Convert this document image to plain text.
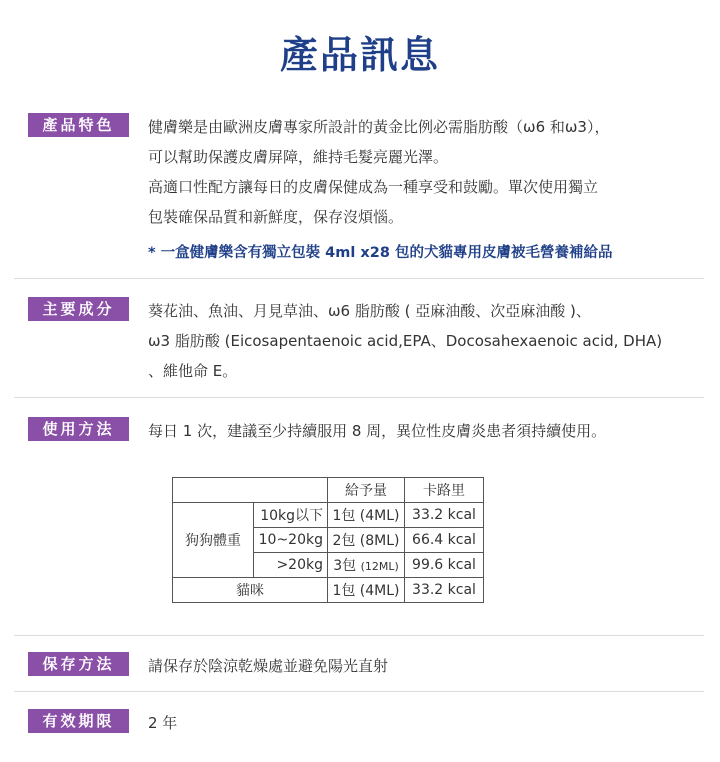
產品訊息
產品特色	健膚樂是由歐洲皮膚專家所設計的黃金比例必需脂肪酸（ω6 和ω3），

可以幫助保護皮膚屏障，維持毛髮亮麗光澤。

高適口性配方讓每日的皮膚保健成為一種享受和鼓勵。單次使用獨立

包裝確保品質和新鮮度，保存沒煩惱。

* 一盒健膚樂含有獨立包裝 4ml x28 包的犬貓專用皮膚被毛營養補給品

主要成分	葵花油、魚油、月見草油、ω6 脂肪酸 ( 亞麻油酸、次亞麻油酸 )、

ω3 脂肪酸 (Eicosapentaenoic acid,EPA、Docosahexaenoic acid, DHA)

、維他命 E。

使用方法	每日 1 次，建議至少持續服用 8 周，異位性皮膚炎患者須持續使用。

		給予量	卡路里
狗狗體重	10kg以下	1包 (4ML)	33.2 kcal
	10~20kg	2包 (8ML)	66.4 kcal
	>20kg	3包 (12ML)	99.6 kcal
貓咪		1包 (4ML)	33.2 kcal
保存方法	請保存於陰涼乾燥處並避免陽光直射

有效期限	2 年
